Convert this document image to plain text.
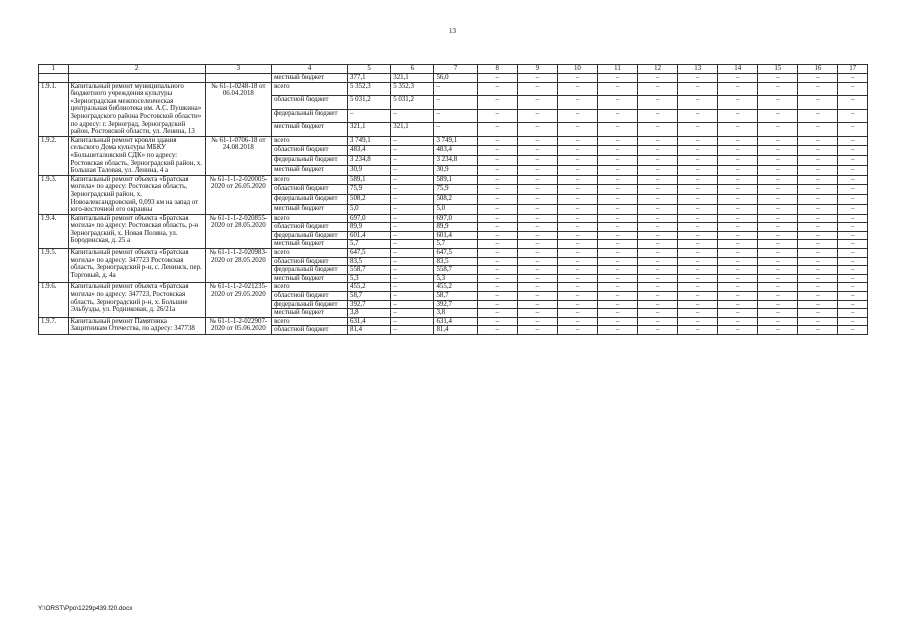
13
1	2	3	4	5	6	7	8	9	10	11	12	13	14	15	16	17
			местный бюджет	377,1	321,1	56,0	–	–	–	–	–	–	–	–	–	–
1.9.1.	Капитальный ремонт муниципального бюджетного учреждения культуры «Зерноградская межпоселенческая центральная библиотека им. А.С. Пушкина» Зерноградского района Ростовской области» по адресу: г. Зерноград, Зерноградский район, Ростовской области, ул. Ленина, 13	№ 61-1-0248-18 от 06.04.2018	всего	5 352,3	5 352,3	–	–	–	–	–	–	–	–	–	–	–
			областной бюджет	5 031,2	5 031,2	–	–	–	–	–	–	–	–	–	–	–
			федеральный бюджет	–	–	–	–	–	–	–	–	–	–	–	–	–
			местный бюджет	321,1	321,1	–	–	–	–	–	–	–	–	–	–	–
1.9.2.	Капитальный ремонт кровли здания сельского Дома культуры МБКУ «Большеталовский СДК» по адресу: Ростовская область, Зерноградский район, х. Большая Таловая, ул. Ленина, 4 а	№ 61-1-0706-18 от 24.08.2018	всего	3 749,1	–	3 749,1	–	–	–	–	–	–	–	–	–	–
			областной бюджет	483,4	–	483,4	–	–	–	–	–	–	–	–	–	–
			федеральный бюджет	3 234,8	–	3 234,8	–	–	–	–	–	–	–	–	–	–
			местный бюджет	30,9	–	30,9	–	–	–	–	–	–	–	–	–	–
1.9.3.	Капитальный ремонт объекта «Братская могила» по адресу: Ростовская область, Зерноградский район, х. Новоалександровский, 0,093 км на запад от юго-восточной его окраины	№ 61-1-1-2-020005-2020 от 26.05.2020	всего	589,1	–	589,1	–	–	–	–	–	–	–	–	–	–
			областной бюджет	75,9	–	75,9	–	–	–	–	–	–	–	–	–	–
			федеральный бюджет	508,2	–	508,2	–	–	–	–	–	–	–	–	–	–
			местный бюджет	5,0	–	5,0	–	–	–	–	–	–	–	–	–	–
1.9.4.	Капитальный ремонт объекта «Братская могила» по адресу: Ростовская область, р-н Зерноградский, х. Новая Поляна, ул. Бородинская, д. 25 а	№ 61-1-1-2-020855-2020 от 28.05.2020	всего	697,0	–	697,0	–	–	–	–	–	–	–	–	–	–
			областной бюджет	89,9	–	89,9	–	–	–	–	–	–	–	–	–	–
			федеральный бюджет	601,4	–	601,4	–	–	–	–	–	–	–	–	–	–
			местный бюджет	5,7	–	5,7	–	–	–	–	–	–	–	–	–	–
1.9.5.	Капитальный ремонт объекта «Братская могила» по адресу: 347723 Ростовская область, Зерноградский р-н, с. Ленинск, пер. Торговый, д. 4а	№ 61-1-1-2-020983-2020 от 28.05.2020	всего	647,5	–	647,5	–	–	–	–	–	–	–	–	–	–
			областной бюджет	83,5	–	83,5	–	–	–	–	–	–	–	–	–	–
			федеральный бюджет	558,7	–	558,7	–	–	–	–	–	–	–	–	–	–
			местный бюджет	5,3	–	5,3	–	–	–	–	–	–	–	–	–	–
1.9.6.	Капитальный ремонт объекта «Братская могила» по адресу: 347723, Ростовская область, Зерноградский р-н, х. Большие Эльбузды, ул. Родниковая, д. 26/21а	№ 61-1-1-2-021235-2020 от 29.05.2020	всего	455,2	–	455,2	–	–	–	–	–	–	–	–	–	–
			областной бюджет	58,7	–	58,7	–	–	–	–	–	–	–	–	–	–
			федеральный бюджет	392,7	–	392,7	–	–	–	–	–	–	–	–	–	–
			местный бюджет	3,8	–	3,8	–	–	–	–	–	–	–	–	–	–
1.9.7.	Капитальный ремонт Памятника Защитникам Отечества, по адресу: 347738	№ 61-1-1-2-022907-2020 от 05.06.2020	всего	631,4	–	631,4	–	–	–	–	–	–	–	–	–	–
			областной бюджет	81,4	–	81,4	–	–	–	–	–	–	–	–	–	–
Y:\ORST\Ppo\1229p439.f20.docx
